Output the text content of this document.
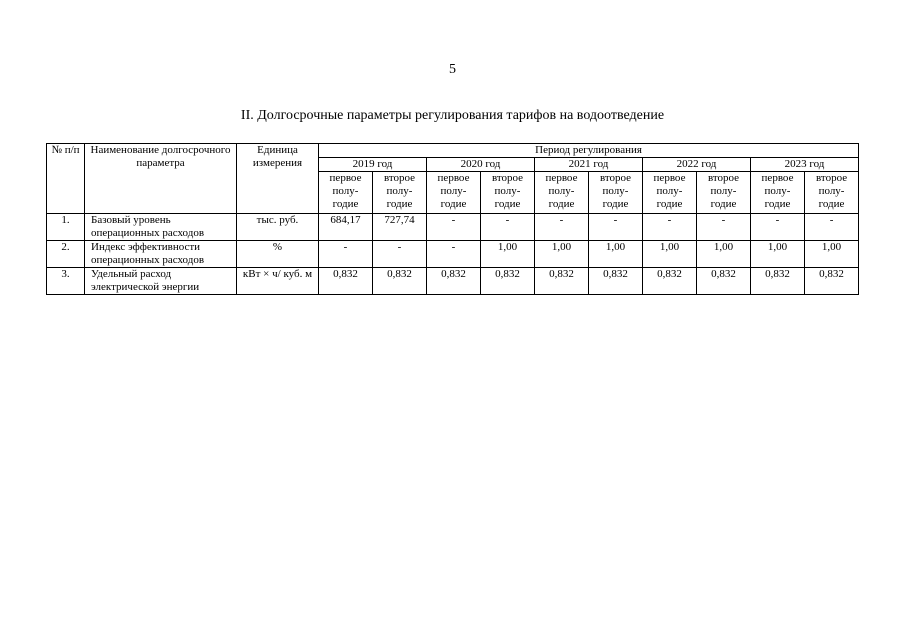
5
II. Долгосрочные параметры регулирования тарифов на водоотведение
№ п/п	Наименование долгосрочного параметра	Единица измерения	Период регулирования									
			2019 год		2020 год		2021 год		2022 год		2023 год	
			первое полу-годие	второе полу-годие	первое полу-годие	второе полу-годие	первое полу-годие	второе полу-годие	первое полу-годие	второе полу-годие	первое полу-годие	второе полу-годие
1.	Базовый уровень операционных расходов	тыс. руб.	684,17	727,74	-	-	-	-	-	-	-	-
2.	Индекс эффективности операционных расходов	%	-	-	-	1,00	1,00	1,00	1,00	1,00	1,00	1,00
3.	Удельный расход электрической энергии	кВт × ч/ куб. м	0,832	0,832	0,832	0,832	0,832	0,832	0,832	0,832	0,832	0,832
